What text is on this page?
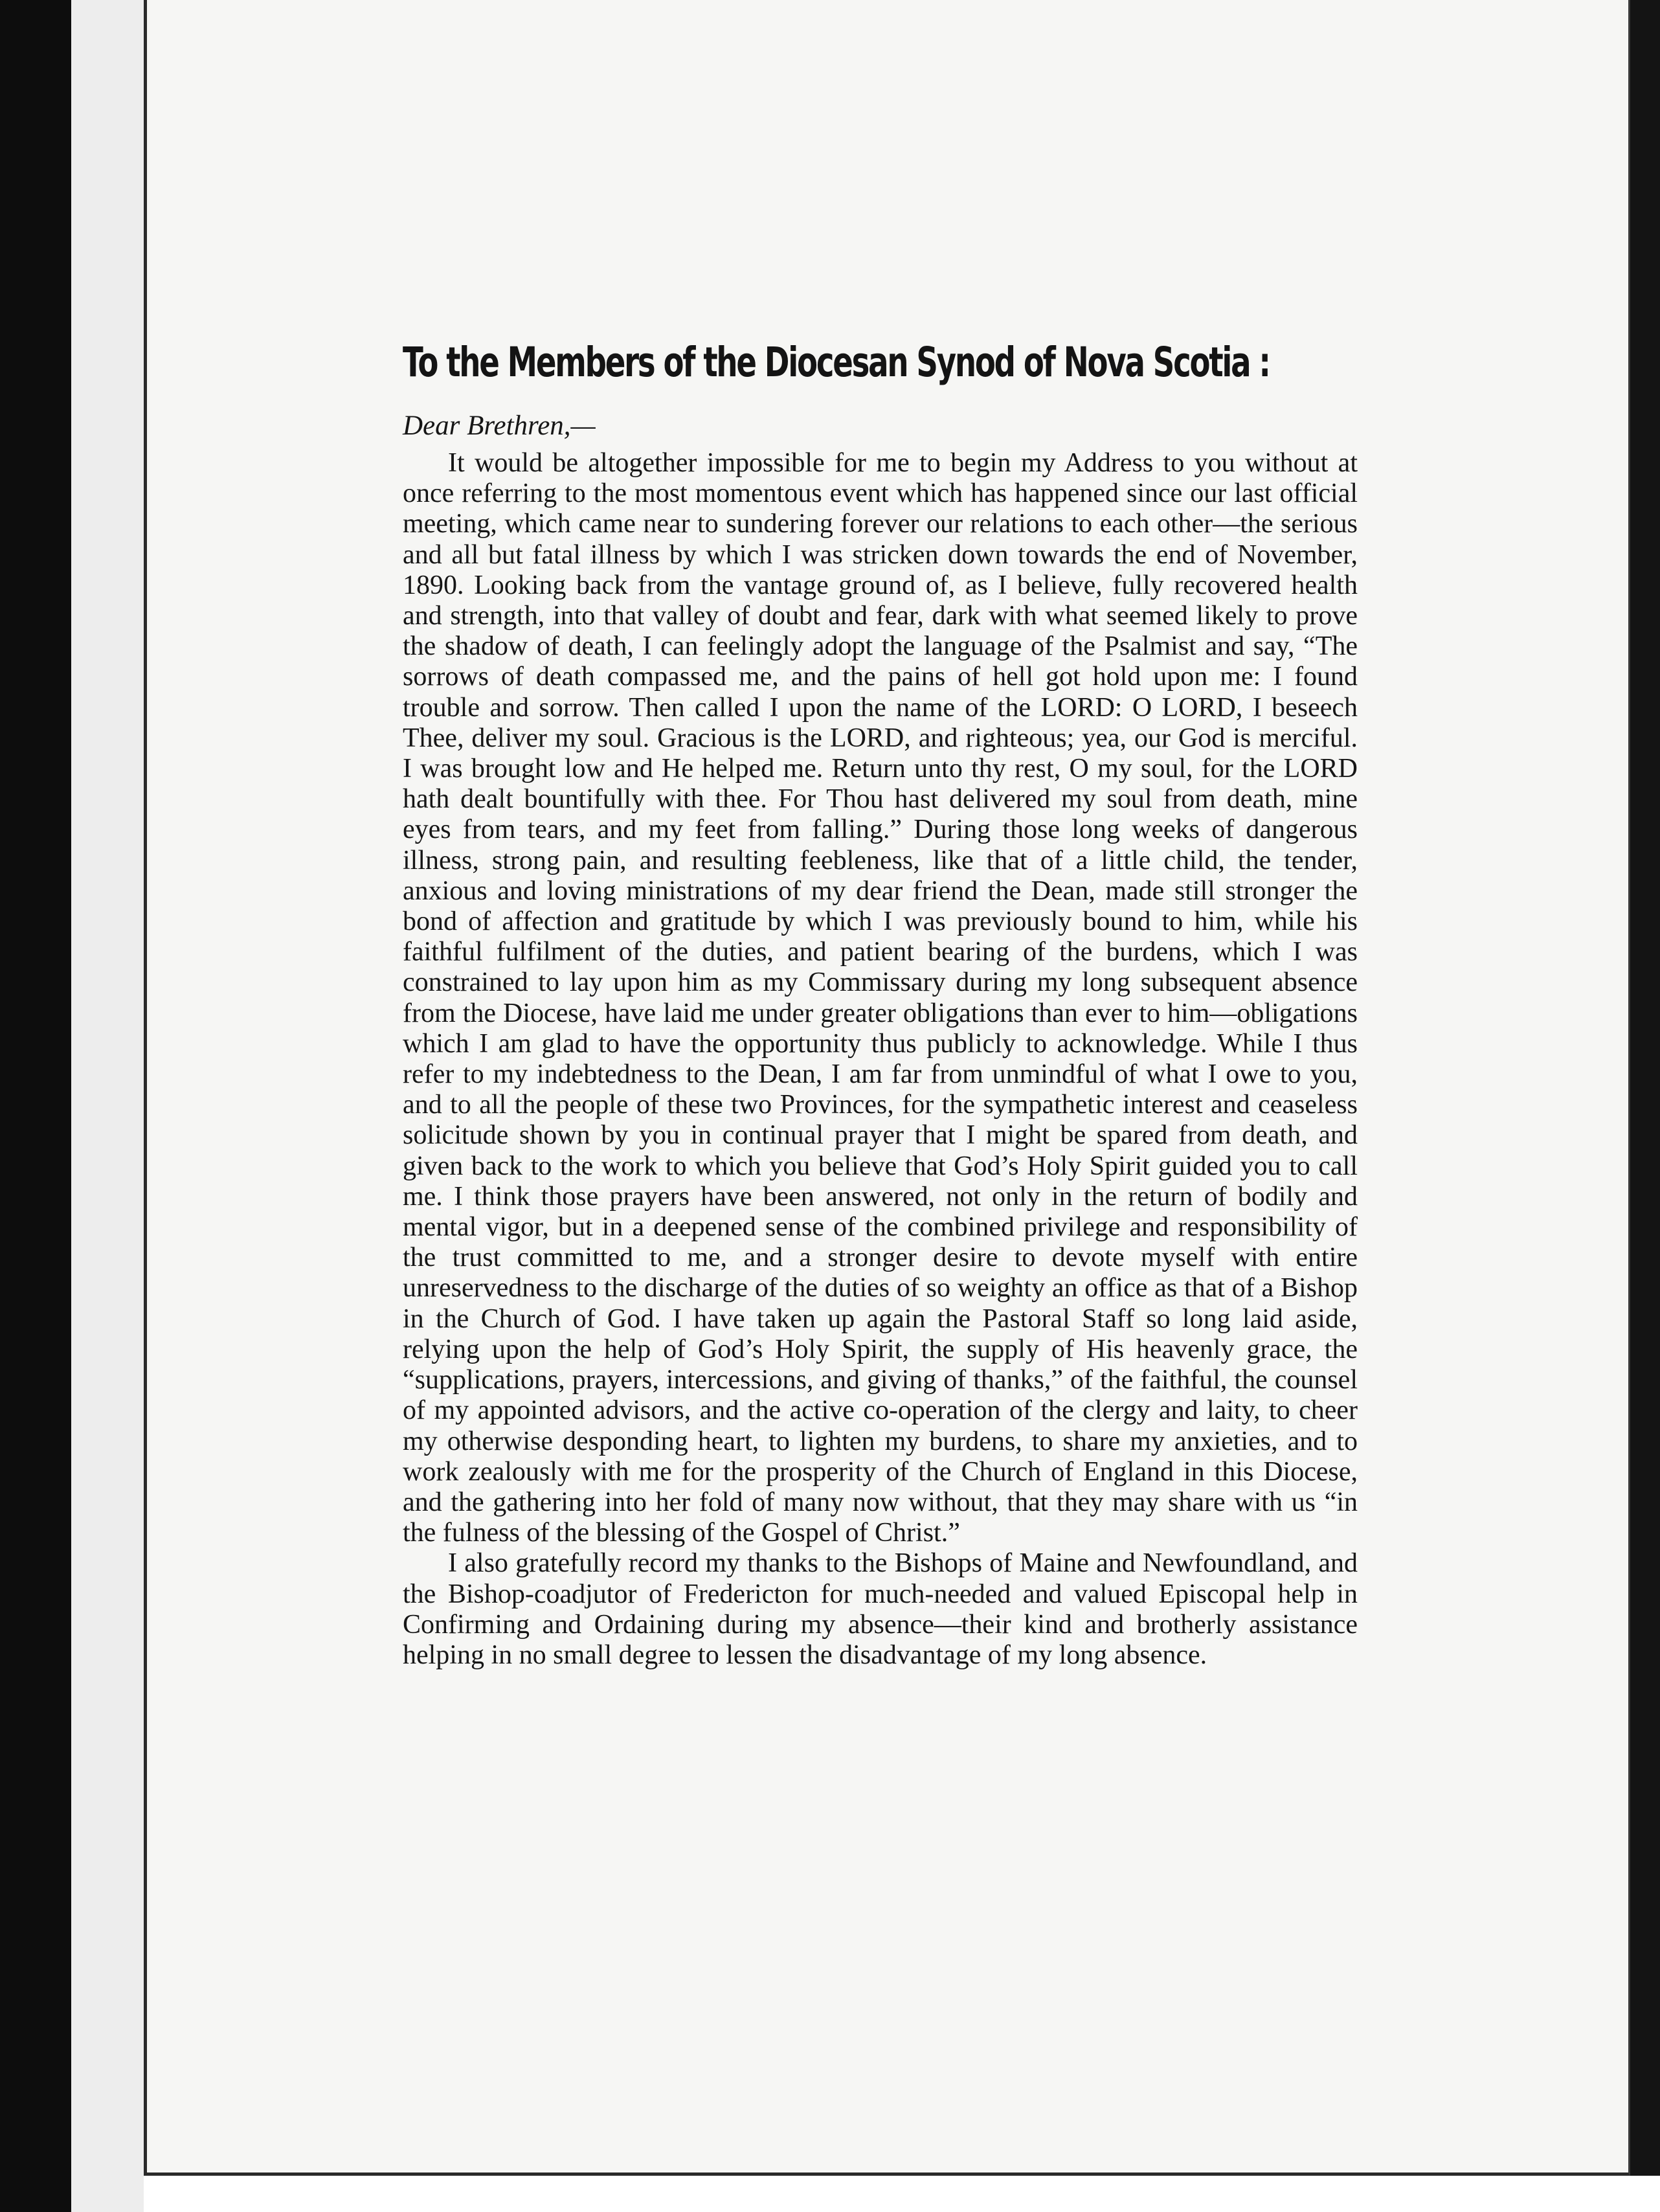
To the Members of the Diocesan Synod of Nova Scotia :
Dear Brethren,—

It would be altogether impossible for me to begin my Address to you without at once referring to the most momentous event which has happened since our last official meeting, which came near to sundering forever our relations to each other—the serious and all but fatal illness by which I was stricken down towards the end of November, 1890. Looking back from the vantage ground of, as I believe, fully recovered health and strength, into that valley of doubt and fear, dark with what seemed likely to prove the shadow of death, I can feelingly adopt the language of the Psalmist and say, “The sorrows of death compassed me, and the pains of hell got hold upon me: I found trouble and sorrow. Then called I upon the name of the LORD: O LORD, I beseech Thee, deliver my soul. Gracious is the LORD, and righteous; yea, our God is merciful. I was brought low and He helped me. Return unto thy rest, O my soul, for the LORD hath dealt bountifully with thee. For Thou hast delivered my soul from death, mine eyes from tears, and my feet from falling.” During those long weeks of dangerous illness, strong pain, and resulting feebleness, like that of a little child, the tender, anxious and loving ministrations of my dear friend the Dean, made still stronger the bond of affection and gratitude by which I was previously bound to him, while his faithful fulfilment of the duties, and patient bearing of the burdens, which I was constrained to lay upon him as my Commissary during my long subsequent absence from the Diocese, have laid me under greater obligations than ever to him—obligations which I am glad to have the opportunity thus publicly to acknowledge. While I thus refer to my indebtedness to the Dean, I am far from unmindful of what I owe to you, and to all the people of these two Provinces, for the sympathetic interest and ceaseless solicitude shown by you in continual prayer that I might be spared from death, and given back to the work to which you believe that God’s Holy Spirit guided you to call me. I think those prayers have been answered, not only in the return of bodily and mental vigor, but in a deepened sense of the combined privilege and responsibility of the trust committed to me, and a stronger desire to devote myself with entire unreservedness to the discharge of the duties of so weighty an office as that of a Bishop in the Church of God. I have taken up again the Pastoral Staff so long laid aside, relying upon the help of God’s Holy Spirit, the supply of His heavenly grace, the “supplications, prayers, intercessions, and giving of thanks,” of the faithful, the counsel of my appointed advisors, and the active co-operation of the clergy and laity, to cheer my otherwise desponding heart, to lighten my burdens, to share my anxieties, and to work zealously with me for the prosperity of the Church of England in this Diocese, and the gathering into her fold of many now without, that they may share with us “in the fulness of the blessing of the Gospel of Christ.”

I also gratefully record my thanks to the Bishops of Maine and Newfoundland, and the Bishop-coadjutor of Fredericton for much-needed and valued Episcopal help in Confirming and Ordaining during my absence—their kind and brotherly assistance helping in no small degree to lessen the disadvantage of my long absence.
